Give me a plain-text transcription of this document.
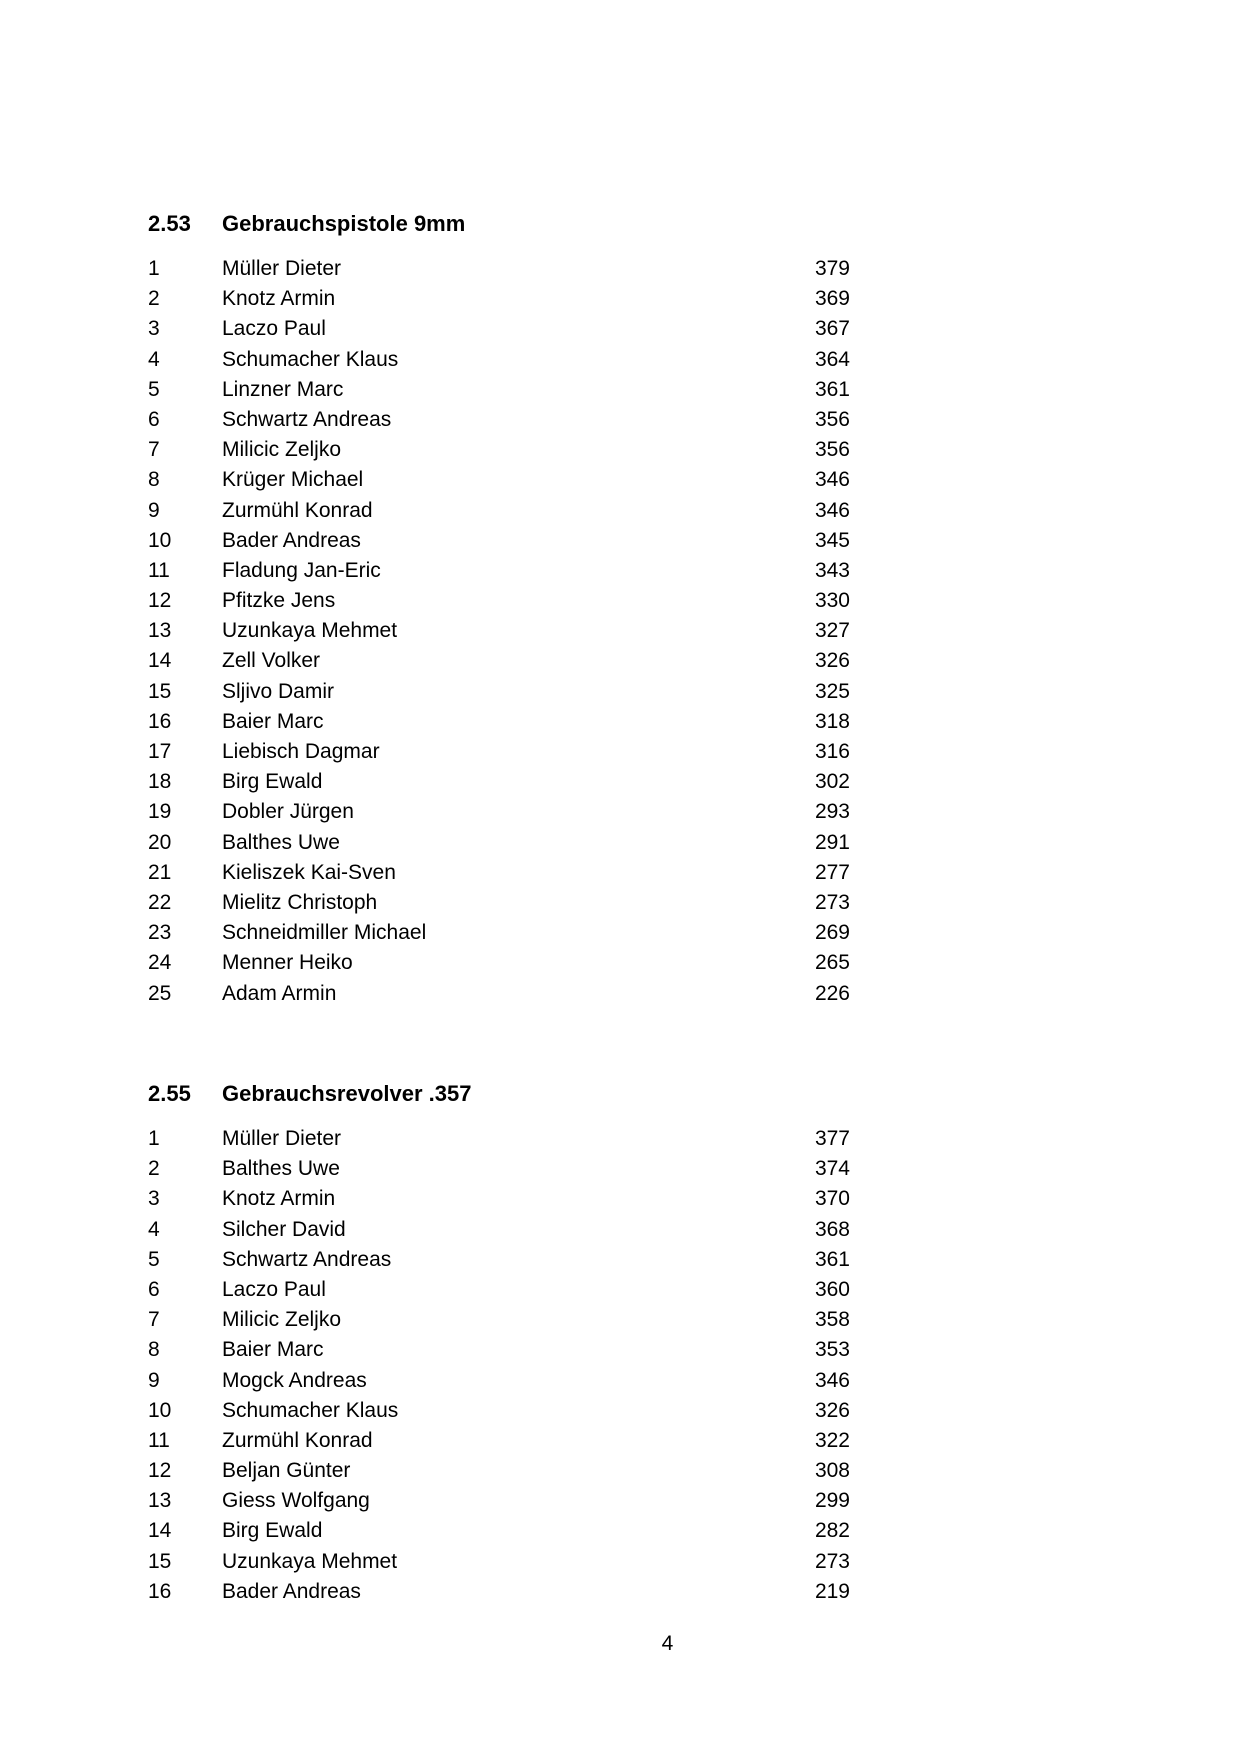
2.53	Gebrauchspistole 9mm
1	Müller Dieter	379
2	Knotz Armin	369
3	Laczo Paul	367
4	Schumacher Klaus	364
5	Linzner Marc	361
6	Schwartz Andreas	356
7	Milicic Zeljko	356
8	Krüger Michael	346
9	Zurmühl Konrad	346
10	Bader Andreas	345
11	Fladung Jan-Eric	343
12	Pfitzke Jens	330
13	Uzunkaya Mehmet	327
14	Zell Volker	326
15	Sljivo Damir	325
16	Baier Marc	318
17	Liebisch Dagmar	316
18	Birg Ewald	302
19	Dobler Jürgen	293
20	Balthes Uwe	291
21	Kieliszek Kai-Sven	277
22	Mielitz Christoph	273
23	Schneidmiller Michael	269
24	Menner Heiko	265
25	Adam Armin	226
2.55	Gebrauchsrevolver .357
1	Müller Dieter	377
2	Balthes Uwe	374
3	Knotz Armin	370
4	Silcher David	368
5	Schwartz Andreas	361
6	Laczo Paul	360
7	Milicic Zeljko	358
8	Baier Marc	353
9	Mogck Andreas	346
10	Schumacher Klaus	326
11	Zurmühl Konrad	322
12	Beljan Günter	308
13	Giess Wolfgang	299
14	Birg Ewald	282
15	Uzunkaya Mehmet	273
16	Bader Andreas	219
4
